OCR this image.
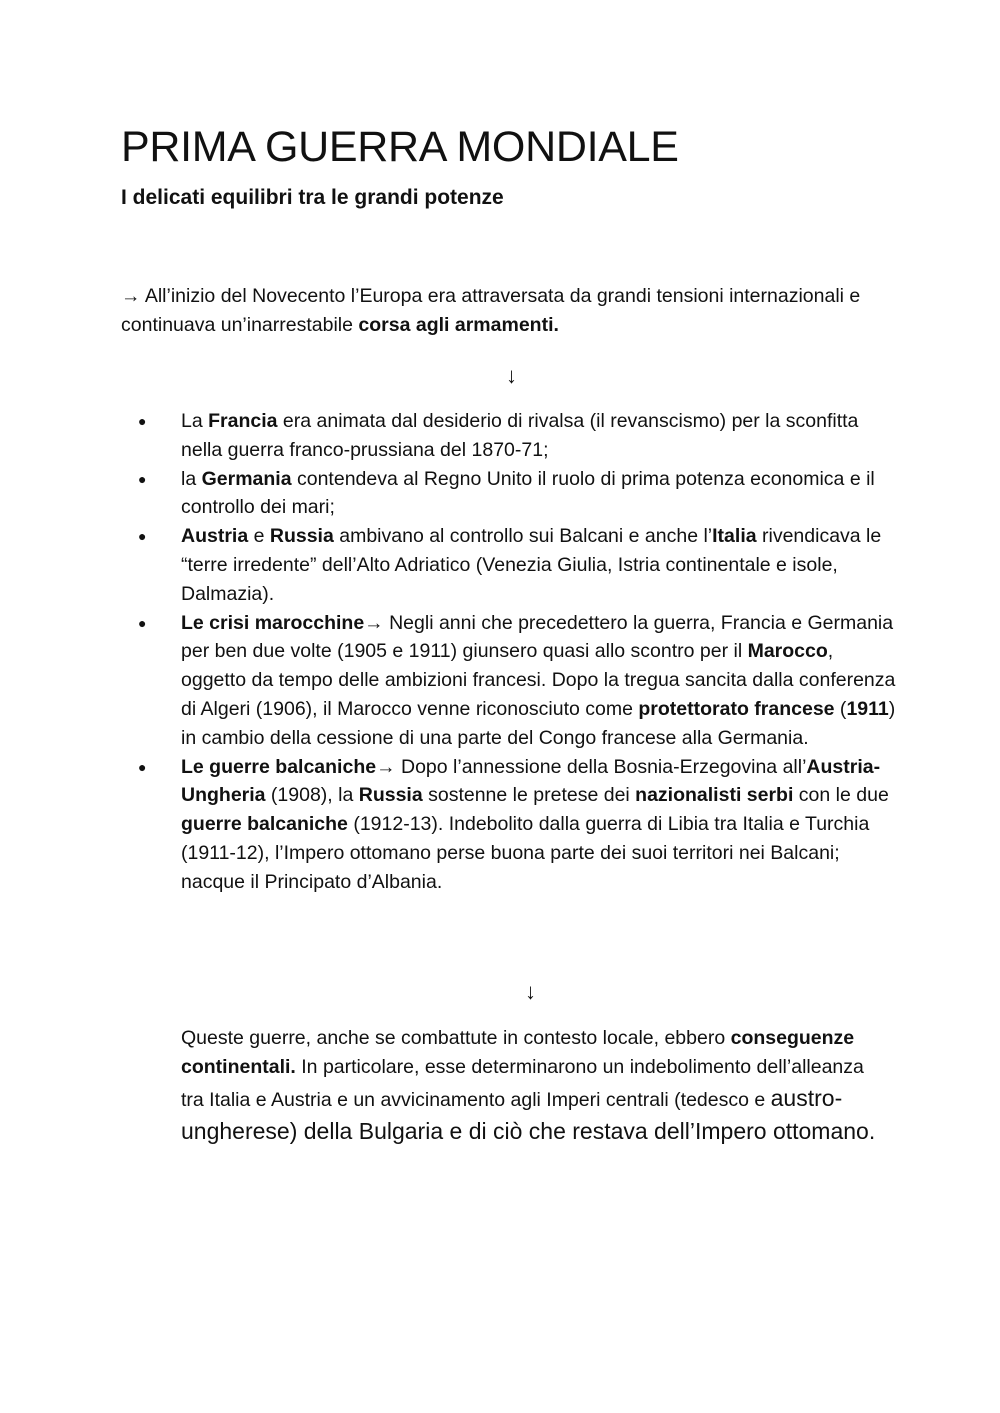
PRIMA GUERRA MONDIALE
I delicati equilibri tra le grandi potenze

→ All’inizio del Novecento l’Europa era attraversata da grandi tensioni internazionali e continuava un’inarrestabile corsa agli armamenti.

↓
● La Francia era animata dal desiderio di rivalsa (il revanscismo) per la sconfitta nella guerra franco-prussiana del 1870-71;
● la Germania contendeva al Regno Unito il ruolo di prima potenza economica e il controllo dei mari;
● Austria e Russia ambivano al controllo sui Balcani e anche l’Italia rivendicava le “terre irredente” dell’Alto Adriatico (Venezia Giulia, Istria continentale e isole, Dalmazia).
● Le crisi marocchine→ Negli anni che precedettero la guerra, Francia e Germania per ben due volte (1905 e 1911) giunsero quasi allo scontro per il Marocco, oggetto da tempo delle ambizioni francesi. Dopo la tregua sancita dalla conferenza di Algeri (1906), il Marocco venne riconosciuto come protettorato francese (1911) in cambio della cessione di una parte del Congo francese alla Germania.
● Le guerre balcaniche→ Dopo l’annessione della Bosnia-Erzegovina all’Austria-Ungheria (1908), la Russia sostenne le pretese dei nazionalisti serbi con le due guerre balcaniche (1912-13). Indebolito dalla guerra di Libia tra Italia e Turchia (1911-12), l’Impero ottomano perse buona parte dei suoi territori nei Balcani; nacque il Principato d’Albania.
↓

Queste guerre, anche se combattute in contesto locale, ebbero conseguenze continentali. In particolare, esse determinarono un indebolimento dell’alleanza tra Italia e Austria e un avvicinamento agli Imperi centrali (tedesco e austro-ungherese) della Bulgaria e di ciò che restava dell’Impero ottomano.
